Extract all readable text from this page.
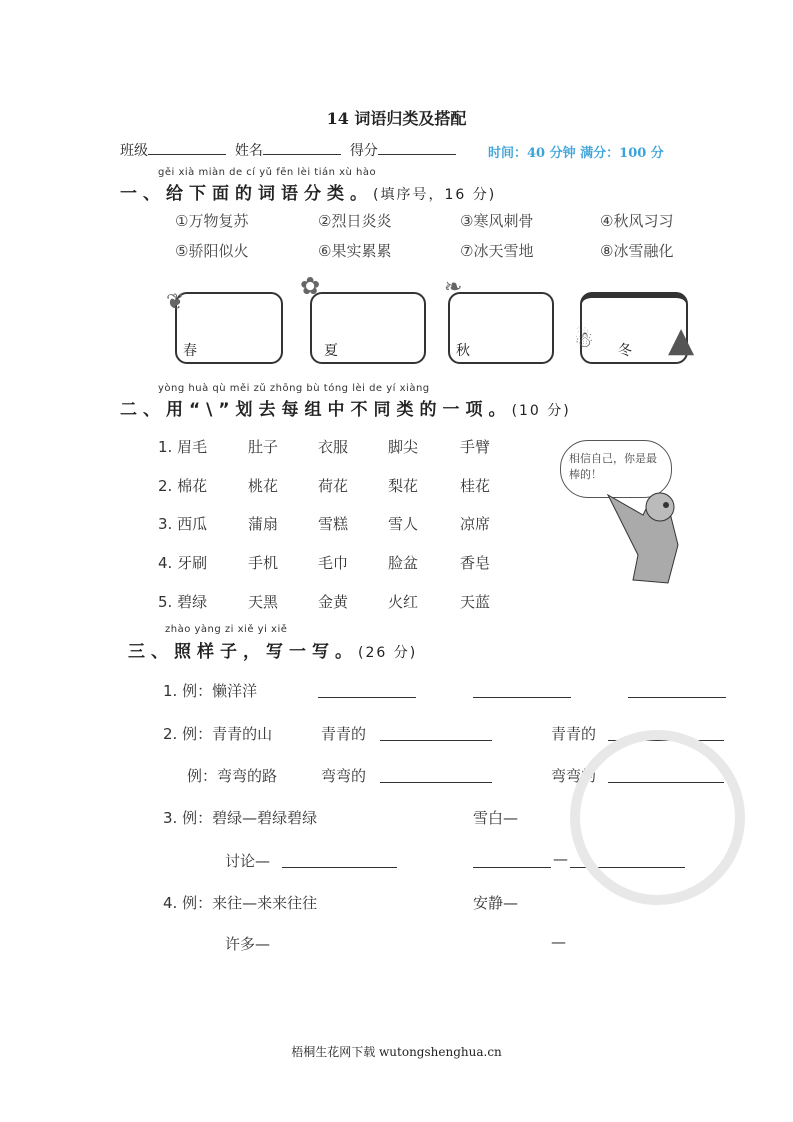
14 词语归类及搭配
班级	姓名	得分	时间：40 分钟 满分：100 分
gěi xià miàn de cí yǔ fēn lèi tián xù hào
一、给下面的词语分类。(填序号，16 分)
①万物复苏	②烈日炎炎	③寒风刺骨	④秋风习习
⑤骄阳似火	⑥果实累累	⑦冰天雪地	⑧冰雪融化
春
❦
夏
✿
秋
❧
冬 ▲
☃
yòng huà qù měi zǔ zhōng bù tóng lèi de yí xiàng
二、用“\”划去每组中不同类的一项。(10 分)
1. 眉毛	肚子	衣服	脚尖	手臂
2. 棉花	桃花	荷花	梨花	桂花
3. 西瓜	蒲扇	雪糕	雪人	凉席
4. 牙刷	手机	毛巾	脸盆	香皂
5. 碧绿	天黑	金黄	火红	天蓝
相信自己，你是最棒的！
zhào yàng zi xiě yi xiě
三、照样子，写一写。(26 分)
1. 例：懒洋洋
2. 例：青青的山	青青的	青青的
例：弯弯的路	弯弯的	弯弯的
3. 例：碧绿—碧绿碧绿	雪白—
讨论—	—
4. 例：来往—来来往往	安静—
许多—	—
梧桐生花网下载 wutongshenghua.cn
